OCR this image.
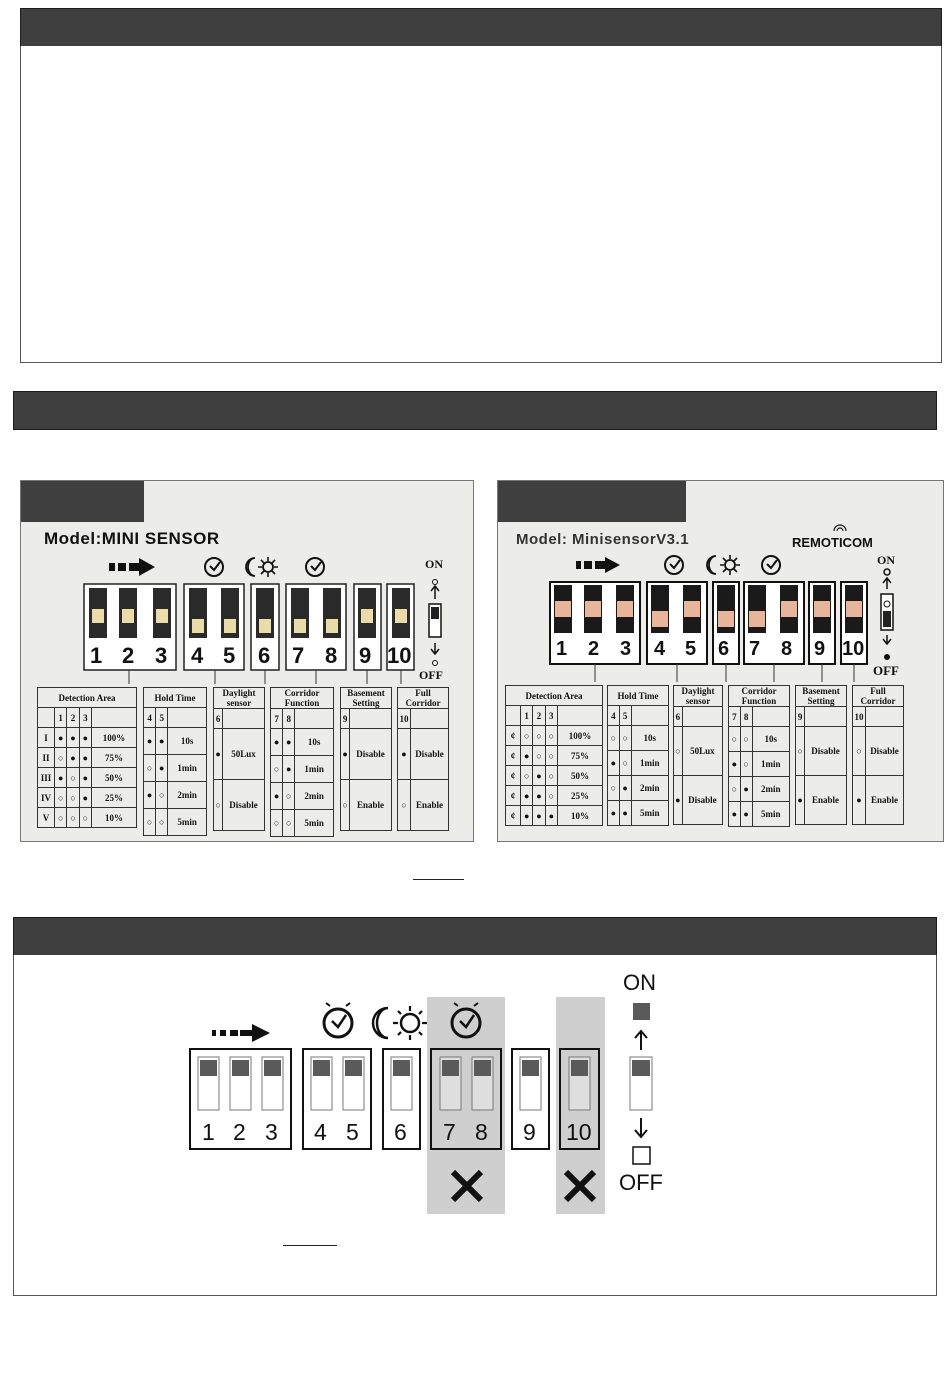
Model:MINI SENSOR
1 2 3 4 5 6 7 8 9 10
ON
OFF
Detection Area				
	1	2	3	
I	●	●	●	100%
II	○	●	●	75%
III	●	○	●	50%
IV	○	○	●	25%
V	○	○	○	10%
Hold Time		
4	5	
●	●	10s
○	●	1min
●	○	2min
○	○	5min
Daylight
sensor	
6	
●	50Lux
○	Disable
Corridor
Function		
7	8	
●	●	10s
○	●	1min
●	○	2min
○	○	5min
Basement
Setting	
9	
●	Disable
○	Enable
Full
Corridor	
10	
●	Disable
○	Enable
Model: MinisensorV3.1	REMOTICOM
1 2 3 4 5 6 7 8 9 10
ON
OFF
Detection Area				
	1	2	3	
¢	○	○	○	100%
¢	●	○	○	75%
¢	○	●	○	50%
¢	●	●	○	25%
¢	●	●	●	10%
Hold Time		
4	5	
○	○	10s
●	○	1min
○	●	2min
●	●	5min
Daylight
sensor	
6	
○	50Lux
●	Disable
Corridor
Function		
7	8	
○	○	10s
●	○	1min
○	●	2min
●	●	5min
Basement
Setting	
9	
○	Disable
●	Enable
Full
Corridor	
10	
○	Disable
●	Enable
1 2 3 4 5 6 7 8 9 10
ON
OFF
